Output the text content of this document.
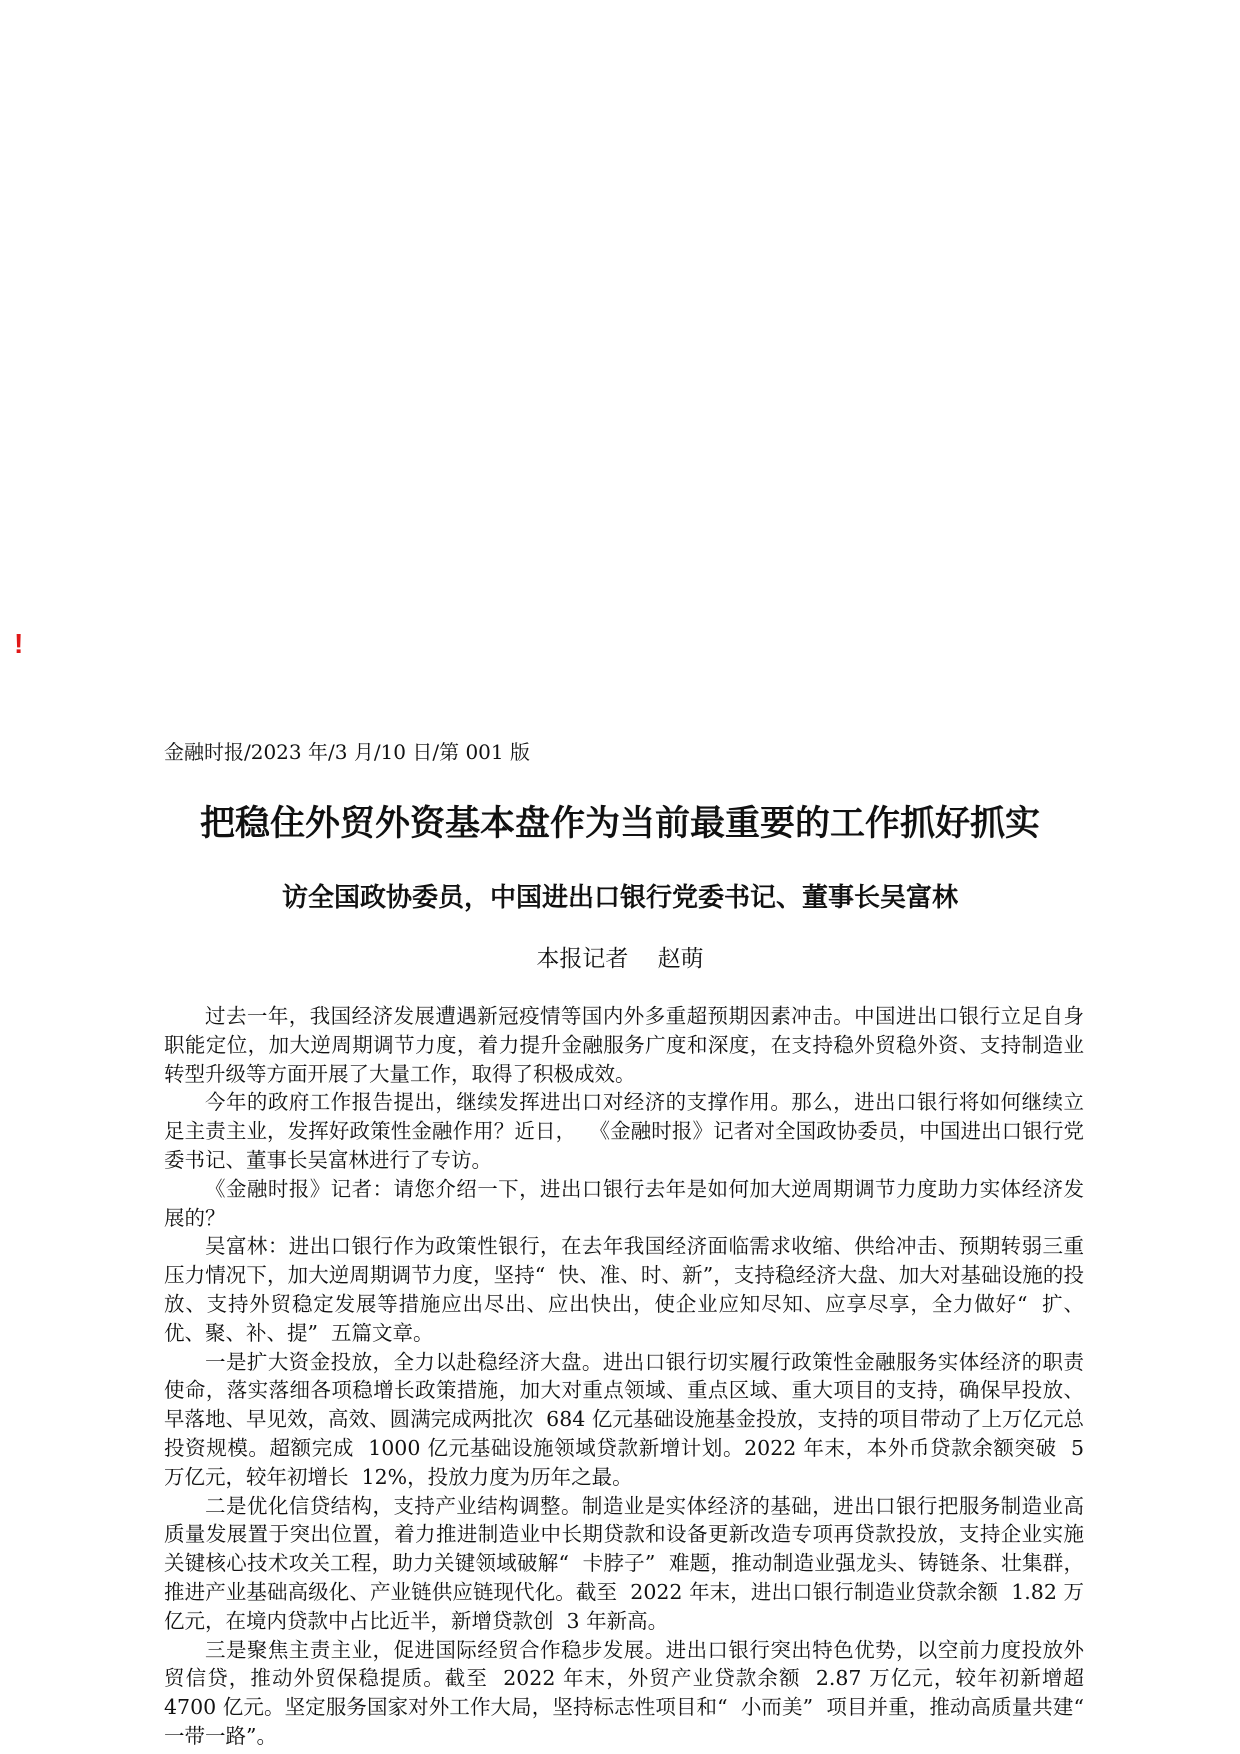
!

金融时报/2023 年/3 月/10 日/第 001 版

把稳住外贸外资基本盘作为当前最重要的工作抓好抓实
访全国政协委员，中国进出口银行党委书记、董事长吴富林

本报记者    赵萌

过去一年，我国经济发展遭遇新冠疫情等国内外多重超预期因素冲击。中国进出口银行立足自身职能定位，加大逆周期调节力度，着力提升金融服务广度和深度，在支持稳外贸稳外资、支持制造业转型升级等方面开展了大量工作，取得了积极成效。

今年的政府工作报告提出，继续发挥进出口对经济的支撑作用。那么，进出口银行将如何继续立足主责主业，发挥好政策性金融作用？近日，  《金融时报》记者对全国政协委员，中国进出口银行党委书记、董事长吴富林进行了专访。

《金融时报》记者：请您介绍一下，进出口银行去年是如何加大逆周期调节力度助力实体经济发展的？

吴富林：进出口银行作为政策性银行，在去年我国经济面临需求收缩、供给冲击、预期转弱三重压力情况下，加大逆周期调节力度，坚持“  快、准、时、新”，支持稳经济大盘、加大对基础设施的投放、支持外贸稳定发展等措施应出尽出、应出快出，使企业应知尽知、应享尽享，全力做好“  扩、优、聚、补、提”  五篇文章。

一是扩大资金投放，全力以赴稳经济大盘。进出口银行切实履行政策性金融服务实体经济的职责使命，落实落细各项稳增长政策措施，加大对重点领域、重点区域、重大项目的支持，确保早投放、早落地、早见效，高效、圆满完成两批次  684 亿元基础设施基金投放，支持的项目带动了上万亿元总投资规模。超额完成  1000 亿元基础设施领域贷款新增计划。2022 年末，本外币贷款余额突破  5 万亿元，较年初增长  12%，投放力度为历年之最。

二是优化信贷结构，支持产业结构调整。制造业是实体经济的基础，进出口银行把服务制造业高质量发展置于突出位置，着力推进制造业中长期贷款和设备更新改造专项再贷款投放，支持企业实施关键核心技术攻关工程，助力关键领域破解“  卡脖子”  难题，推动制造业强龙头、铸链条、壮集群，推进产业基础高级化、产业链供应链现代化。截至  2022 年末，进出口银行制造业贷款余额  1.82 万亿元，在境内贷款中占比近半，新增贷款创  3 年新高。

三是聚焦主责主业，促进国际经贸合作稳步发展。进出口银行突出特色优势，以空前力度投放外贸信贷，推动外贸保稳提质。截至  2022 年末，外贸产业贷款余额  2.87 万亿元，较年初新增超  4700 亿元。坚定服务国家对外工作大局，坚持标志性项目和“  小而美”  项目并重，推动高质量共建“  一带一路”。
